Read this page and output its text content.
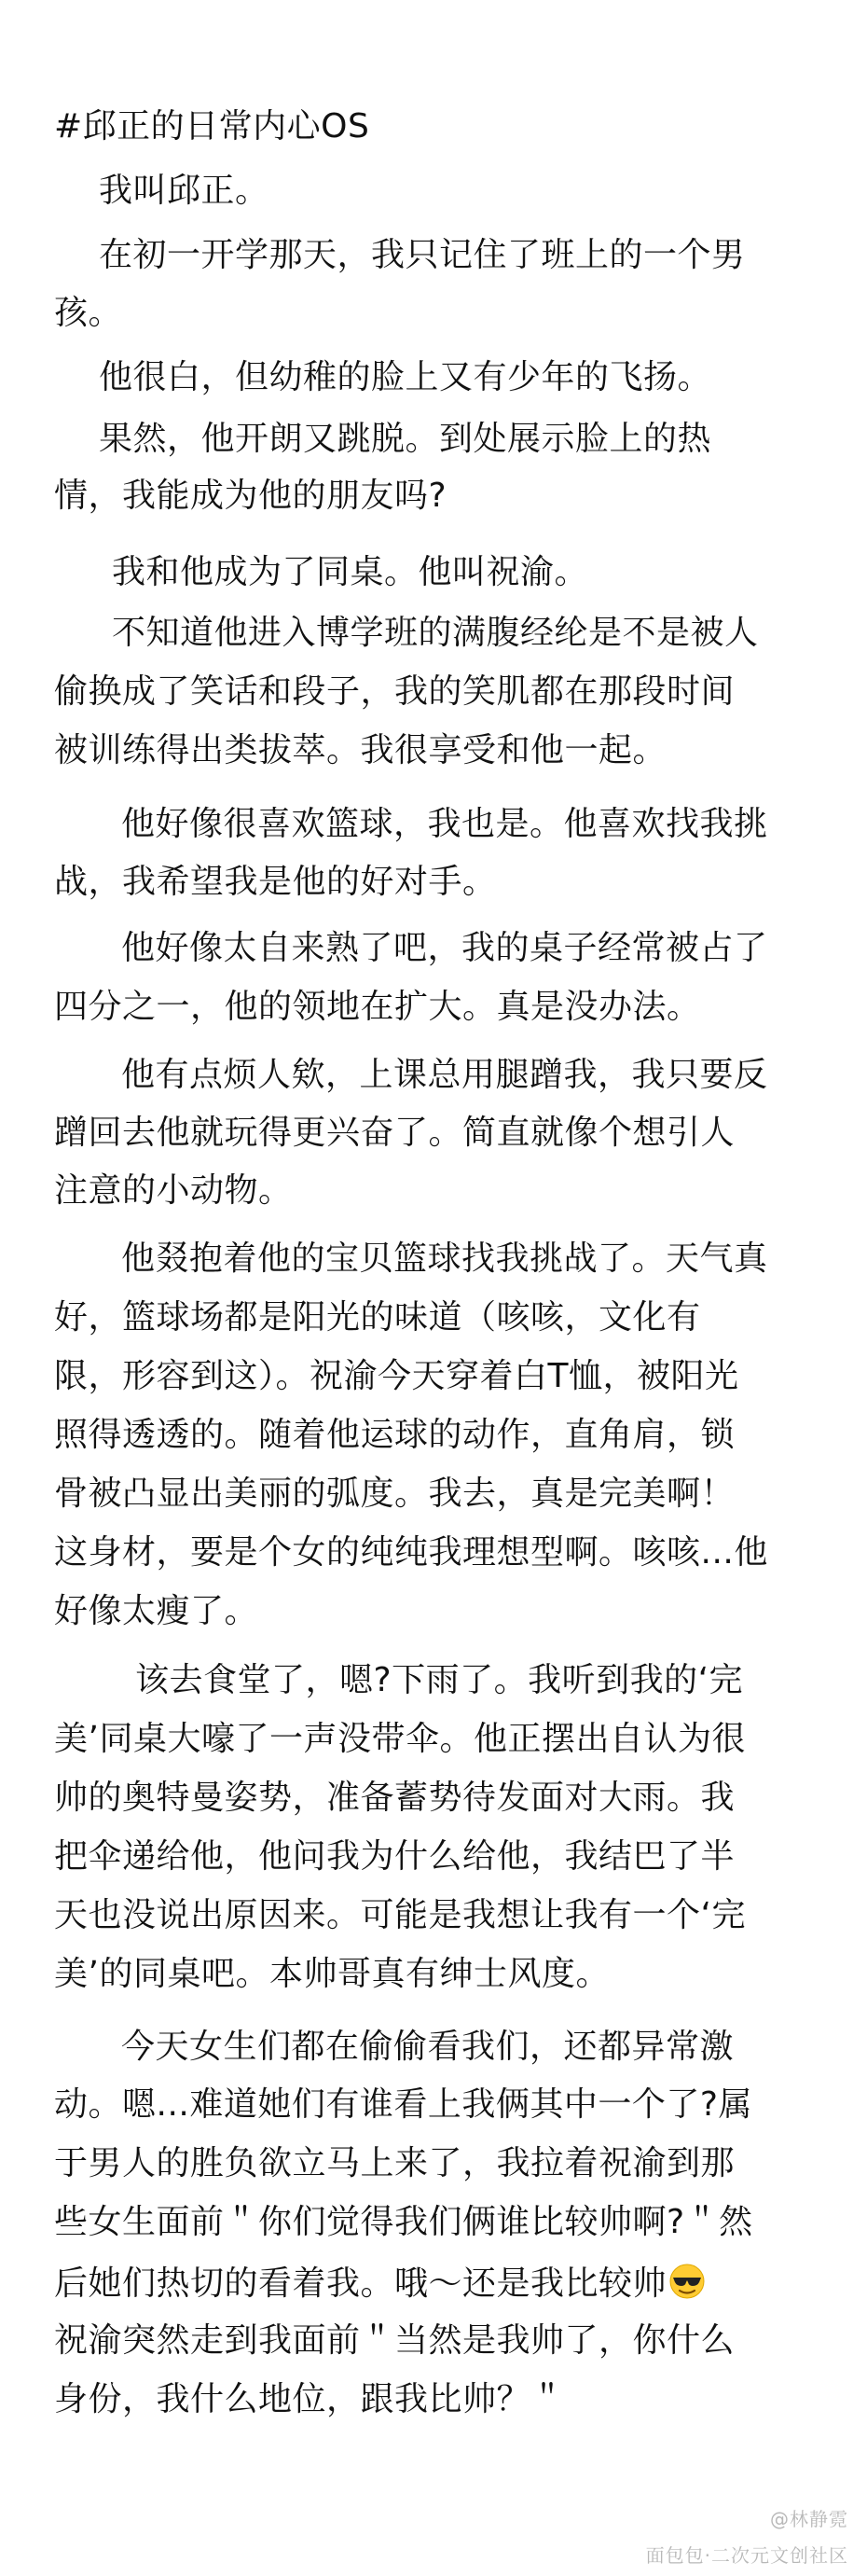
#邱正的日常内心OS
我叫邱正。
在初一开学那天，我只记住了班上的一个男
孩。
他很白，但幼稚的脸上又有少年的飞扬。
果然，他开朗又跳脱。到处展示脸上的热
情，我能成为他的朋友吗?
我和他成为了同桌。他叫祝渝。
不知道他进入博学班的满腹经纶是不是被人
偷换成了笑话和段子，我的笑肌都在那段时间
被训练得出类拔萃。我很享受和他一起。
他好像很喜欢篮球，我也是。他喜欢找我挑
战，我希望我是他的好对手。
他好像太自来熟了吧，我的桌子经常被占了
四分之一，他的领地在扩大。真是没办法。
他有点烦人欸，上课总用腿蹭我，我只要反
蹭回去他就玩得更兴奋了。简直就像个想引人
注意的小动物。
他叕抱着他的宝贝篮球找我挑战了。天气真
好，篮球场都是阳光的味道（咳咳，文化有
限，形容到这）。祝渝今天穿着白T恤，被阳光
照得透透的。随着他运球的动作，直角肩，锁
骨被凸显出美丽的弧度。我去，真是完美啊！
这身材，要是个女的纯纯我理想型啊。咳咳...他
好像太瘦了。
该去食堂了，嗯?下雨了。我听到我的‘完
美’同桌大嚎了一声没带伞。他正摆出自认为很
帅的奥特曼姿势，准备蓄势待发面对大雨。我
把伞递给他，他问我为什么给他，我结巴了半
天也没说出原因来。可能是我想让我有一个‘完
美’的同桌吧。本帅哥真有绅士风度。
今天女生们都在偷偷看我们，还都异常激
动。嗯...难道她们有谁看上我俩其中一个了?属
于男人的胜负欲立马上来了，我拉着祝渝到那
些女生面前＂你们觉得我们俩谁比较帅啊?＂然
后她们热切的看着我。哦～还是我比较帅
祝渝突然走到我面前＂当然是我帅了，你什么
身份，我什么地位，跟我比帅？＂
@林静霓
面包包·二次元文创社区
